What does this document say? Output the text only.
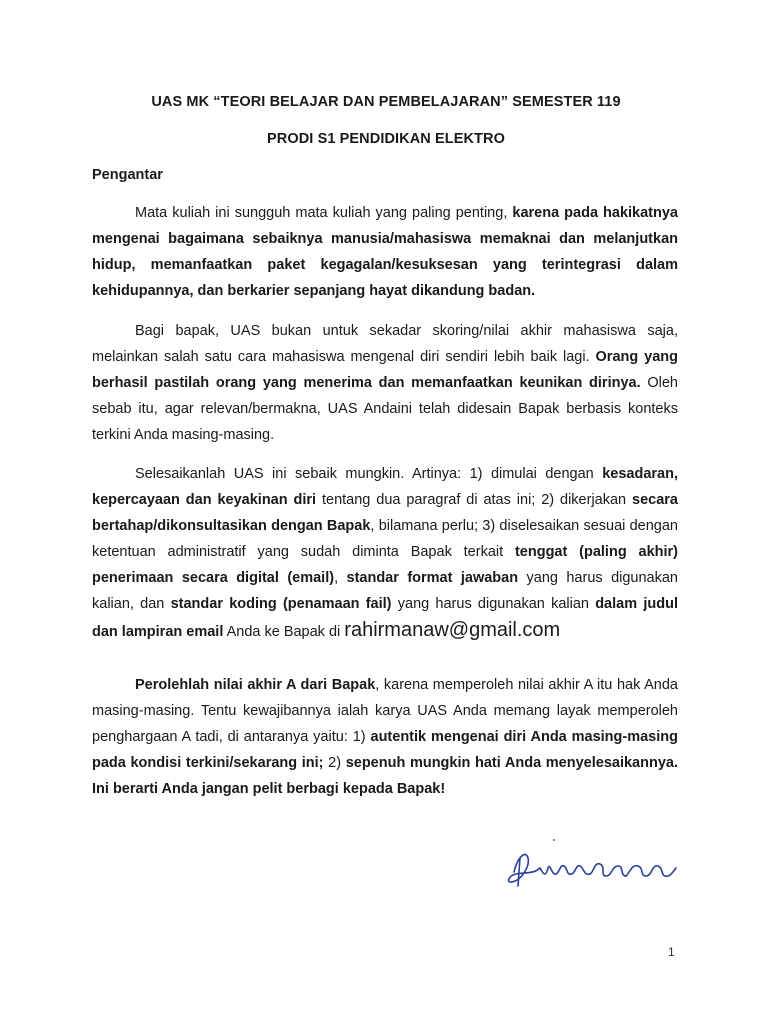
UAS MK “TEORI BELAJAR DAN PEMBELAJARAN” SEMESTER 119
PRODI S1 PENDIDIKAN ELEKTRO
Pengantar

Mata kuliah ini sungguh mata kuliah yang paling penting, karena pada hakikatnya mengenai bagaimana sebaiknya manusia/mahasiswa memaknai dan melanjutkan hidup, memanfaatkan paket kegagalan/kesuksesan yang terintegrasi dalam kehidupannya, dan berkarier sepanjang hayat dikandung badan.

Bagi bapak, UAS bukan untuk sekadar skoring/nilai akhir mahasiswa saja, melainkan salah satu cara mahasiswa mengenal diri sendiri lebih baik lagi. Orang yang berhasil pastilah orang yang menerima dan memanfaatkan keunikan dirinya. Oleh sebab itu, agar relevan/bermakna, UAS Andaini telah didesain Bapak berbasis konteks terkini Anda masing-masing.

Selesaikanlah UAS ini sebaik mungkin. Artinya: 1) dimulai dengan kesadaran, kepercayaan dan keyakinan diri tentang dua paragraf di atas ini; 2) dikerjakan secara bertahap/dikonsultasikan dengan Bapak, bilamana perlu; 3) diselesaikan sesuai dengan ketentuan administratif yang sudah diminta Bapak terkait tenggat (paling akhir) penerimaan secara digital (email), standar format jawaban yang harus digunakan kalian, dan standar koding (penamaan fail) yang harus digunakan kalian dalam judul dan lampiran email Anda ke Bapak di rahirmanaw@gmail.com

Perolehlah nilai akhir A dari Bapak, karena memperoleh nilai akhir A itu hak Anda masing-masing. Tentu kewajibannya ialah karya UAS Anda memang layak memperoleh penghargaan A tadi, di antaranya yaitu: 1) autentik mengenai diri Anda masing-masing pada kondisi terkini/sekarang ini; 2) sepenuh mungkin hati Anda menyelesaikannya. Ini berarti Anda jangan pelit berbagi kepada Bapak!

1
